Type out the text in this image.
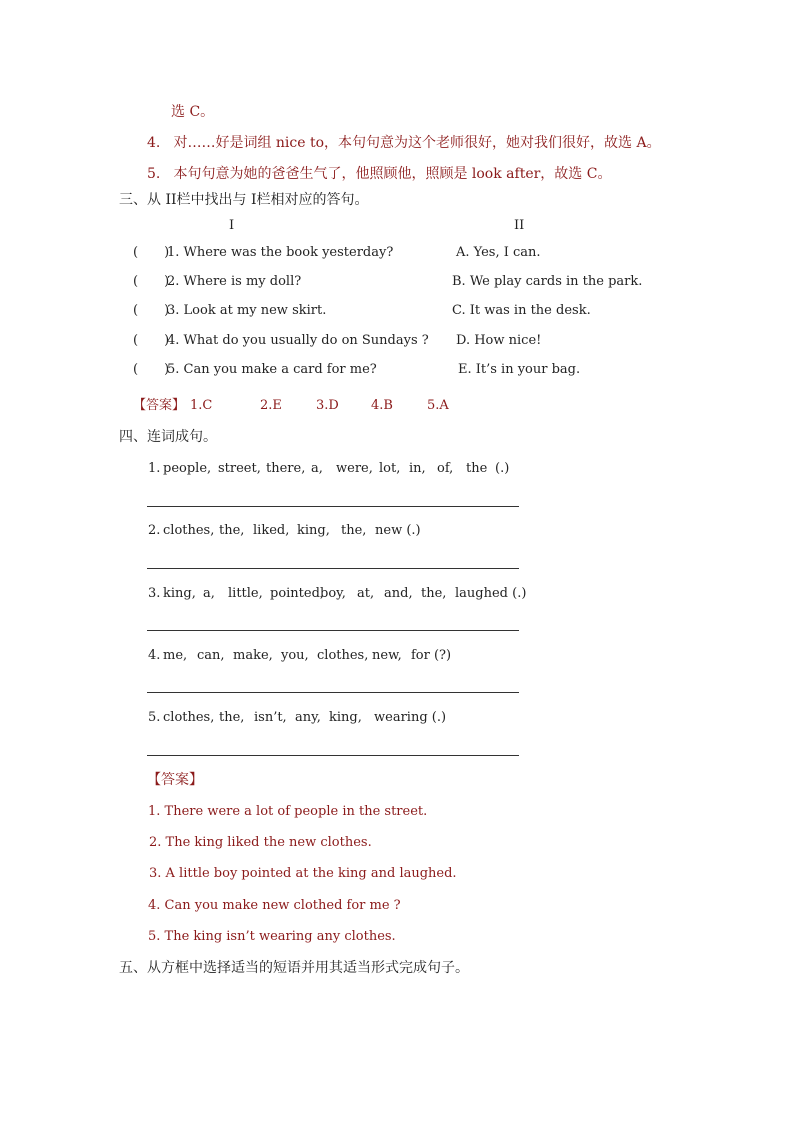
选 C。
4. 对……好是词组 nice to，本句句意为这个老师很好，她对我们很好，故选 A。
5. 本句句意为她的爸爸生气了，他照顾他，照顾是 look after，故选 C。
三、从 II栏中找出与 I栏相对应的答句。
I	II
(　　)1. Where was the book yesterday?	A. Yes, I can.
(　　)2. Where is my doll?	B. We play cards in the park.
(　　)3. Look at my new skirt.	C. It was in the desk.
(　　)4. What do you usually do on Sundays ? D. How nice!
(　　)5. Can you make a card for me?	E. It’s in your bag.
【答案】 1.C	2.E	3.D 4.B	5.A
四、连词成句。
1. people, street, there, a, were, lot, in, of, the (.)
2. clothes, the, liked, king, the, new (.)
3. king, a, little, pointed,boy, at, and, the, laughed (.)
4. me, can, make, you, clothes, new, for (?)
5. clothes, the, isn’t, any, king, wearing (.)
【答案】
1. There were a lot of people in the street.
2. The king liked the new clothes.
3. A little boy pointed at the king and laughed.
4. Can you make new clothed for me ?
5. The king isn’t wearing any clothes.
五、从方框中选择适当的短语并用其适当形式完成句子。
